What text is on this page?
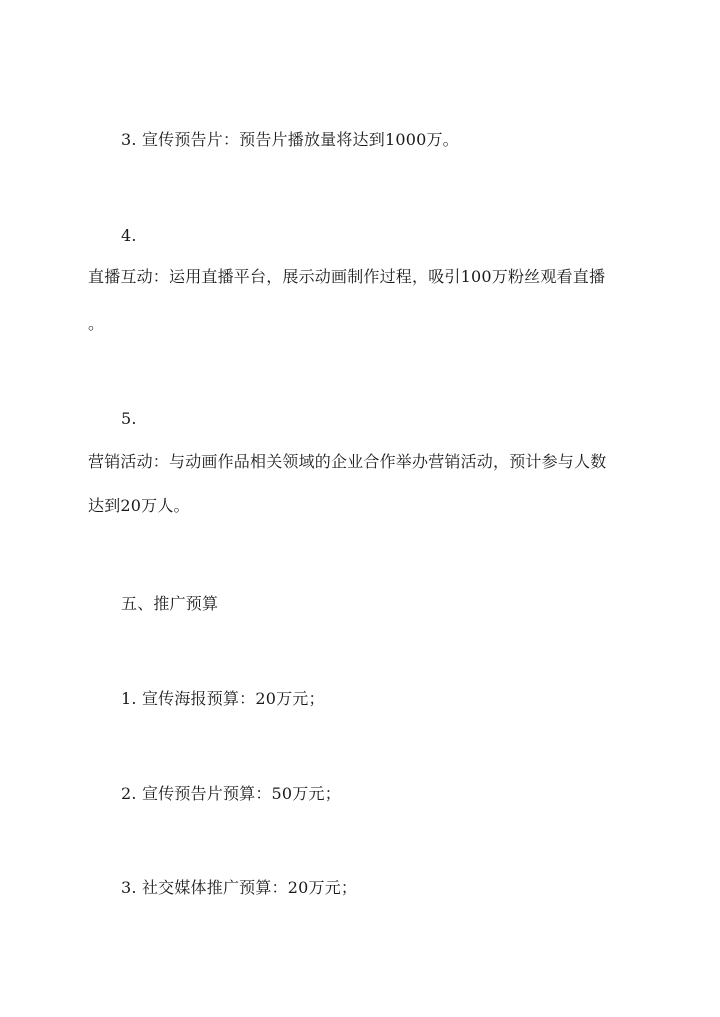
3. 宣传预告片：预告片播放量将达到1000万。
4.
直播互动：运用直播平台，展示动画制作过程，吸引100万粉丝观看直播
。
5.
营销活动：与动画作品相关领域的企业合作举办营销活动，预计参与人数
达到20万人。
五、推广预算
1. 宣传海报预算：20万元；
2. 宣传预告片预算：50万元；
3. 社交媒体推广预算：20万元；
